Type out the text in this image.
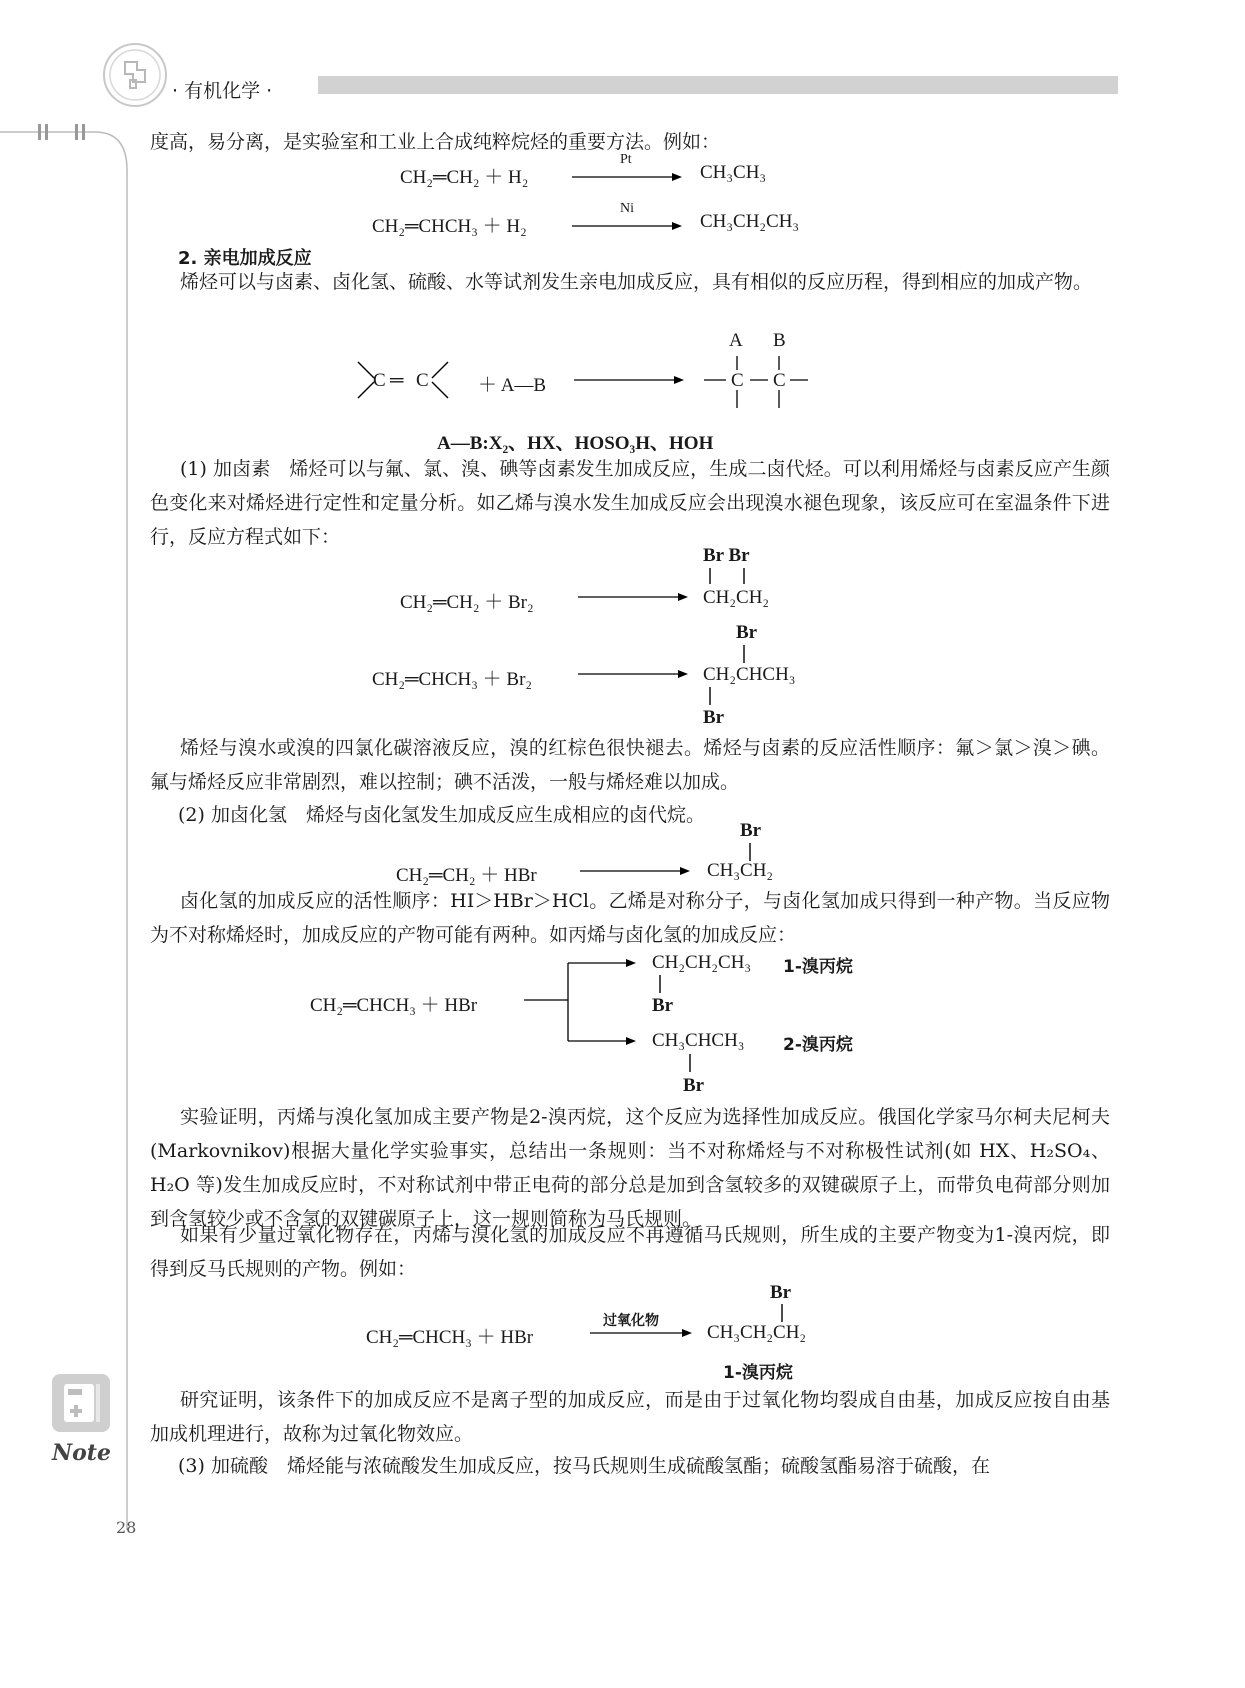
· 有机化学 ·
Note
度高，易分离，是实验室和工业上合成纯粹烷烃的重要方法。例如：
CH₂═CH₂ ＋ H₂
Pt
CH₃CH₃
CH₂═CHCH₃ ＋ H₂
Ni
CH₃CH₂CH₃
2. 亲电加成反应
烯烃可以与卤素、卤化氢、硫酸、水等试剂发生亲电加成反应，具有相似的反应历程，得到相应的加成产物。
C ═ C	＋ A—B
A B
C C
A—B:X₂、HX、HOSO₃H、HOH
(1) 加卤素　烯烃可以与氟、氯、溴、碘等卤素发生加成反应，生成二卤代烃。可以利用烯烃与卤素反应产生颜色变化来对烯烃进行定性和定量分析。如乙烯与溴水发生加成反应会出现溴水褪色现象，该反应可在室温条件下进行，反应方程式如下：
Br Br
CH₂═CH₂ ＋ Br₂	CH₂CH₂
Br
CH₂═CHCH₃ ＋ Br₂	CH₂CHCH₃
Br
烯烃与溴水或溴的四氯化碳溶液反应，溴的红棕色很快褪去。烯烃与卤素的反应活性顺序：氟＞氯＞溴＞碘。氟与烯烃反应非常剧烈，难以控制；碘不活泼，一般与烯烃难以加成。
(2) 加卤化氢　烯烃与卤化氢发生加成反应生成相应的卤代烷。
Br
CH₂═CH₂ ＋ HBr	CH₃CH₂
卤化氢的加成反应的活性顺序：HI＞HBr＞HCl。乙烯是对称分子，与卤化氢加成只得到一种产物。当反应物为不对称烯烃时，加成反应的产物可能有两种。如丙烯与卤化氢的加成反应：
CH₂═CHCH₃ ＋ HBr
CH₂CH₂CH₃
Br
1-溴丙烷
CH₃CHCH₃
Br
2-溴丙烷
实验证明，丙烯与溴化氢加成主要产物是2-溴丙烷，这个反应为选择性加成反应。俄国化学家马尔柯夫尼柯夫(Markovnikov)根据大量化学实验事实，总结出一条规则：当不对称烯烃与不对称极性试剂(如 HX、H₂SO₄、H₂O 等)发生加成反应时，不对称试剂中带正电荷的部分总是加到含氢较多的双键碳原子上，而带负电荷部分则加到含氢较少或不含氢的双键碳原子上，这一规则简称为马氏规则。
如果有少量过氧化物存在，丙烯与溴化氢的加成反应不再遵循马氏规则，所生成的主要产物变为1-溴丙烷，即得到反马氏规则的产物。例如：
Br
CH₂═CHCH₃ ＋ HBr
过氧化物
CH₃CH₂CH₂
1-溴丙烷
研究证明，该条件下的加成反应不是离子型的加成反应，而是由于过氧化物均裂成自由基，加成反应按自由基加成机理进行，故称为过氧化物效应。
(3) 加硫酸　烯烃能与浓硫酸发生加成反应，按马氏规则生成硫酸氢酯；硫酸氢酯易溶于硫酸，在
28
